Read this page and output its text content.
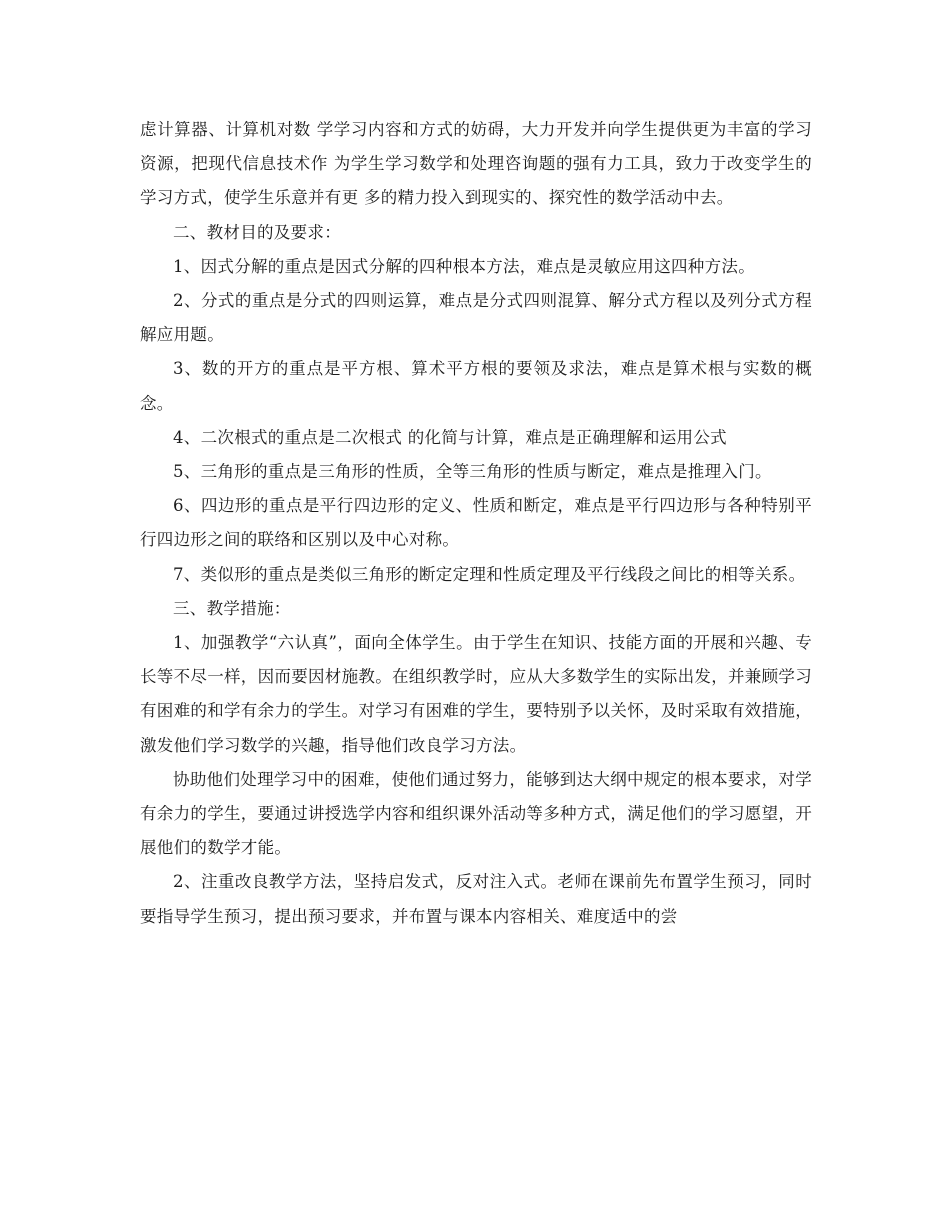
虑计算器、计算机对数 学学习内容和方式的妨碍，大力开发并向学生提供更为丰富的学习资源，把现代信息技术作 为学生学习数学和处理咨询题的强有力工具，致力于改变学生的学习方式，使学生乐意并有更 多的精力投入到现实的、探究性的数学活动中去。

二、教材目的及要求：

1、因式分解的重点是因式分解的四种根本方法，难点是灵敏应用这四种方法。

2、分式的重点是分式的四则运算，难点是分式四则混算、解分式方程以及列分式方程解应用题。

3、数的开方的重点是平方根、算术平方根的要领及求法，难点是算术根与实数的概念。

4、二次根式的重点是二次根式 的化简与计算，难点是正确理解和运用公式

5、三角形的重点是三角形的性质，全等三角形的性质与断定，难点是推理入门。

6、四边形的重点是平行四边形的定义、性质和断定，难点是平行四边形与各种特别平行四边形之间的联络和区别以及中心对称。

7、类似形的重点是类似三角形的断定定理和性质定理及平行线段之间比的相等关系。

三、教学措施：

1、加强教学“六认真”，面向全体学生。由于学生在知识、技能方面的开展和兴趣、专长等不尽一样，因而要因材施教。在组织教学时，应从大多数学生的实际出发，并兼顾学习有困难的和学有余力的学生。对学习有困难的学生，要特别予以关怀，及时采取有效措施，激发他们学习数学的兴趣，指导他们改良学习方法。

协助他们处理学习中的困难，使他们通过努力，能够到达大纲中规定的根本要求，对学有余力的学生，要通过讲授选学内容和组织课外活动等多种方式，满足他们的学习愿望，开展他们的数学才能。

2、注重改良教学方法，坚持启发式，反对注入式。老师在课前先布置学生预习，同时要指导学生预习，提出预习要求，并布置与课本内容相关、难度适中的尝
